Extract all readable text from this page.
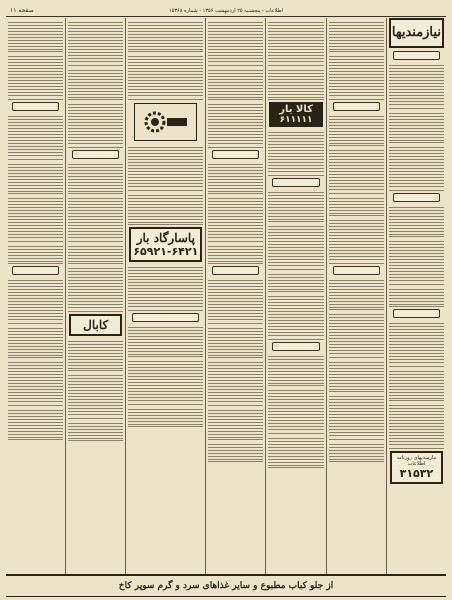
اطلاعات - پنجشنبه ۲۵ اردیبهشت ۱۳۵۶ - شماره ۱۵۳۶۸
صفحه ۱۱
نیازمندیها
نیازمندیهای روزنامه اطلاعات
۳۱۵۳۲
کالا یار
۶۱۱۱۱۱
پاسارگاد بار
۶۵۹۲۱-۶۴۲۱
کابال
از جلو کباب مطبوع و سایر غذاهای سرد و گرم سوپر کاخ
